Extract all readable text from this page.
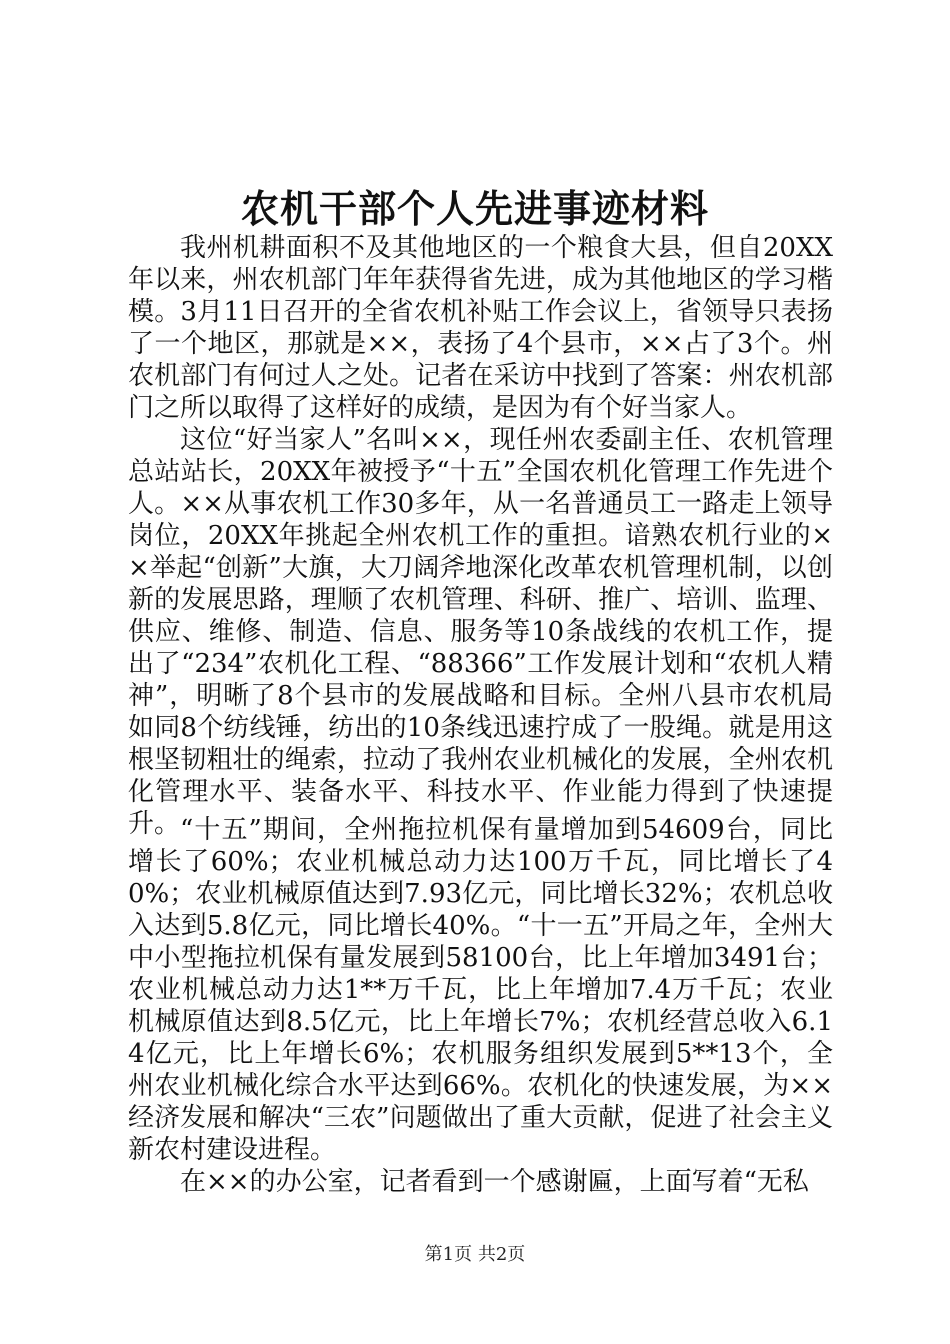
农机干部个人先进事迹材料

我州机耕面积不及其他地区的一个粮食大县，但自20XX年以来，州农机部门年年获得省先进，成为其他地区的学习楷模。3月11日召开的全省农机补贴工作会议上，省领导只表扬了一个地区，那就是××，表扬了4个县市，××占了3个。州农机部门有何过人之处。记者在采访中找到了答案：州农机部门之所以取得了这样好的成绩，是因为有个好当家人。

这位“好当家人”名叫××，现任州农委副主任、农机管理总站站长，20XX年被授予“十五”全国农机化管理工作先进个人。××从事农机工作30多年，从一名普通员工一路走上领导岗位，20XX年挑起全州农机工作的重担。谙熟农机行业的××举起“创新”大旗，大刀阔斧地深化改革农机管理机制，以创新的发展思路，理顺了农机管理、科研、推广、培训、监理、供应、维修、制造、信息、服务等10条战线的农机工作，提出了“234”农机化工程、“88366”工作发展计划和“农机人精神”，明晰了8个县市的发展战略和目标。全州八县市农机局如同8个纺线锤，纺出的10条线迅速拧成了一股绳。就是用这根坚韧粗壮的绳索，拉动了我州农业机械化的发展，全州农机化管理水平、装备水平、科技水平、作业能力得到了快速提升。 “十五”期间，全州拖拉机保有量增加到54609台，同比增长了60%；农业机械总动力达100万千瓦，同比增长了40%；农业机械原值达到7.93亿元，同比增长32%；农机总收入达到5.8亿元，同比增长40%。“十一五”开局之年，全州大中小型拖拉机保有量发展到58100台，比上年增加3491台；农业机械总动力达1**万千瓦，比上年增加7.4万千瓦；农业机械原值达到8.5亿元，比上年增长7%；农机经营总收入6.14亿元，比上年增长6%；农机服务组织发展到5**13个，全州农业机械化综合水平达到66%。农机化的快速发展，为××经济发展和解决“三农”问题做出了重大贡献，促进了社会主义新农村建设进程。

在××的办公室，记者看到一个感谢匾，上面写着“无私

第1页 共2页
